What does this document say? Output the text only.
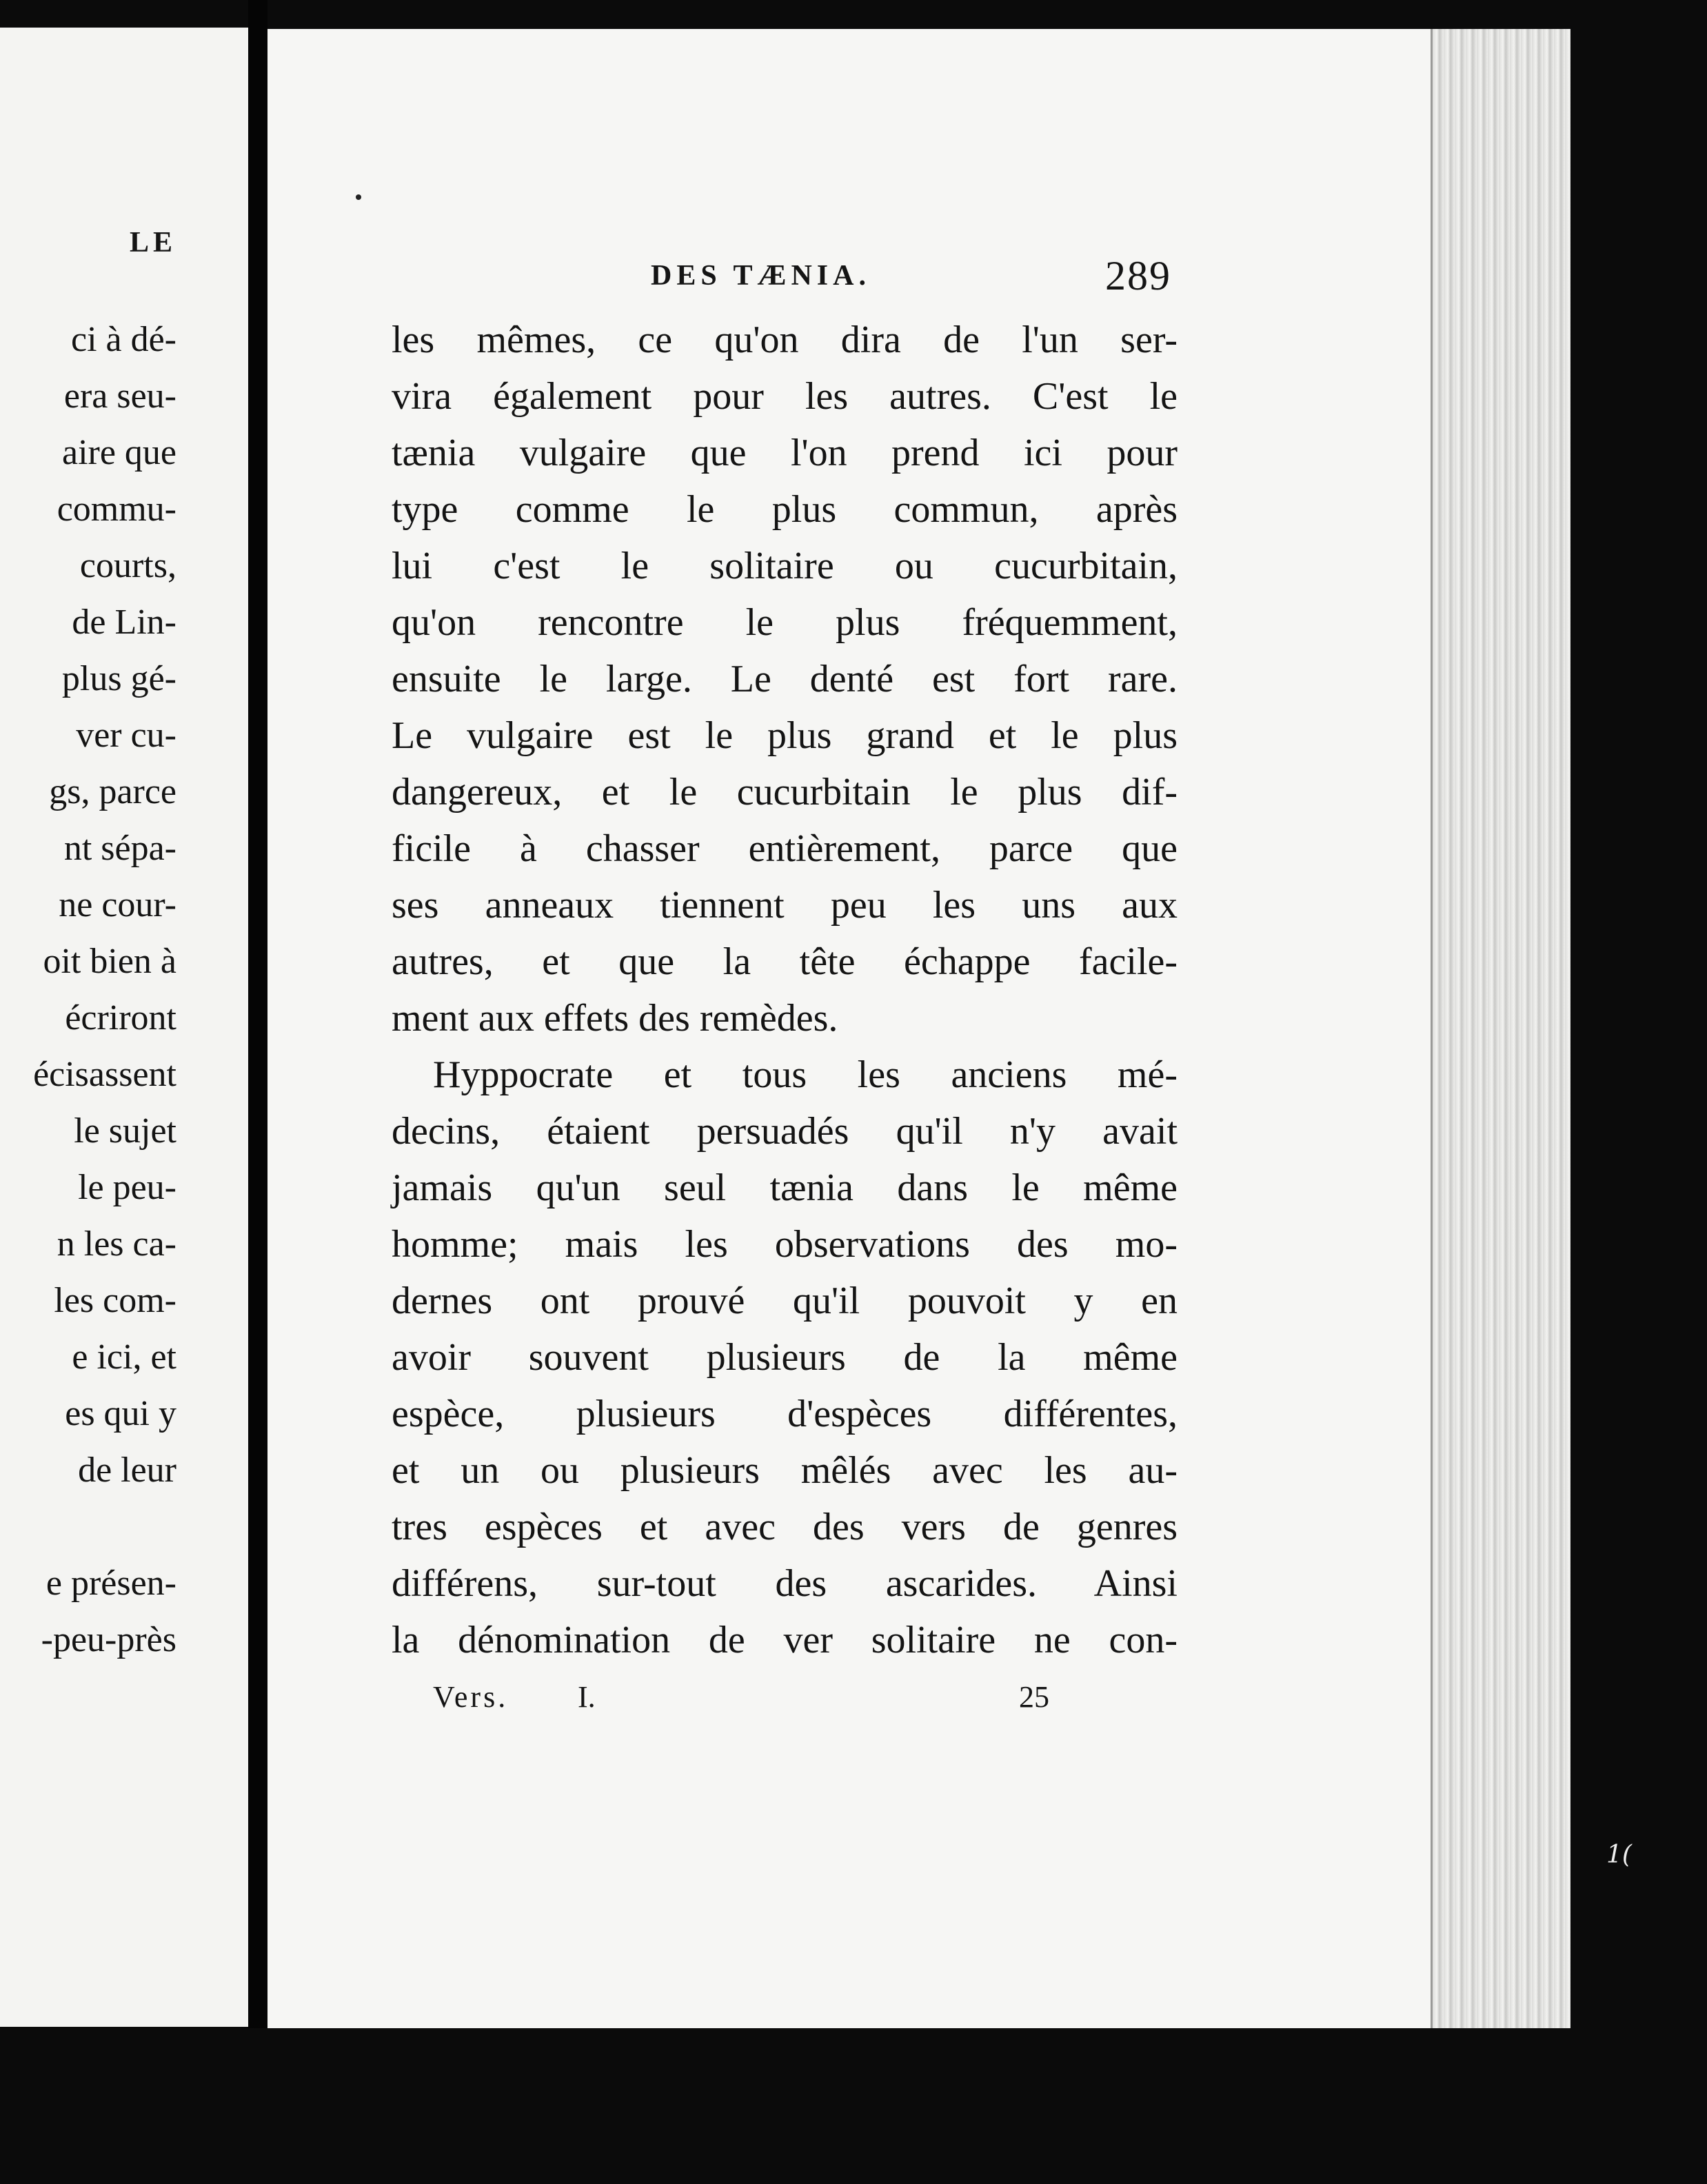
LE
ci à dé-
era seu-
aire que
commu-
courts,
de Lin-
plus gé-
ver cu-
gs, parce
nt sépa-
ne cour-
oit bien à
écriront
écisassent
le sujet
le peu-
n les ca-
les com-
e ici, et
es qui y
de leur
e présen-
-peu-près
DES TÆNIA.	289
les mêmes, ce qu'on dira de l'un ser-
vira également pour les autres. C'est le
tænia vulgaire que l'on prend ici pour
type comme le plus commun, après
lui c'est le solitaire ou cucurbitain,
qu'on rencontre le plus fréquemment,
ensuite le large. Le denté est fort rare.
Le vulgaire est le plus grand et le plus
dangereux, et le cucurbitain le plus dif-
ficile à chasser entièrement, parce que
ses anneaux tiennent peu les uns aux
autres, et que la tête échappe facile-
ment aux effets des remèdes.
Hyppocrate et tous les anciens mé-
decins, étaient persuadés qu'il n'y avait
jamais qu'un seul tænia dans le même
homme; mais les observations des mo-
dernes ont prouvé qu'il pouvoit y en
avoir souvent plusieurs de la même
espèce, plusieurs d'espèces différentes,
et un ou plusieurs mêlés avec les au-
tres espèces et avec des vers de genres
différens, sur-tout des ascarides. Ainsi
la dénomination de ver solitaire ne con-
Vers. I.	25
1(
